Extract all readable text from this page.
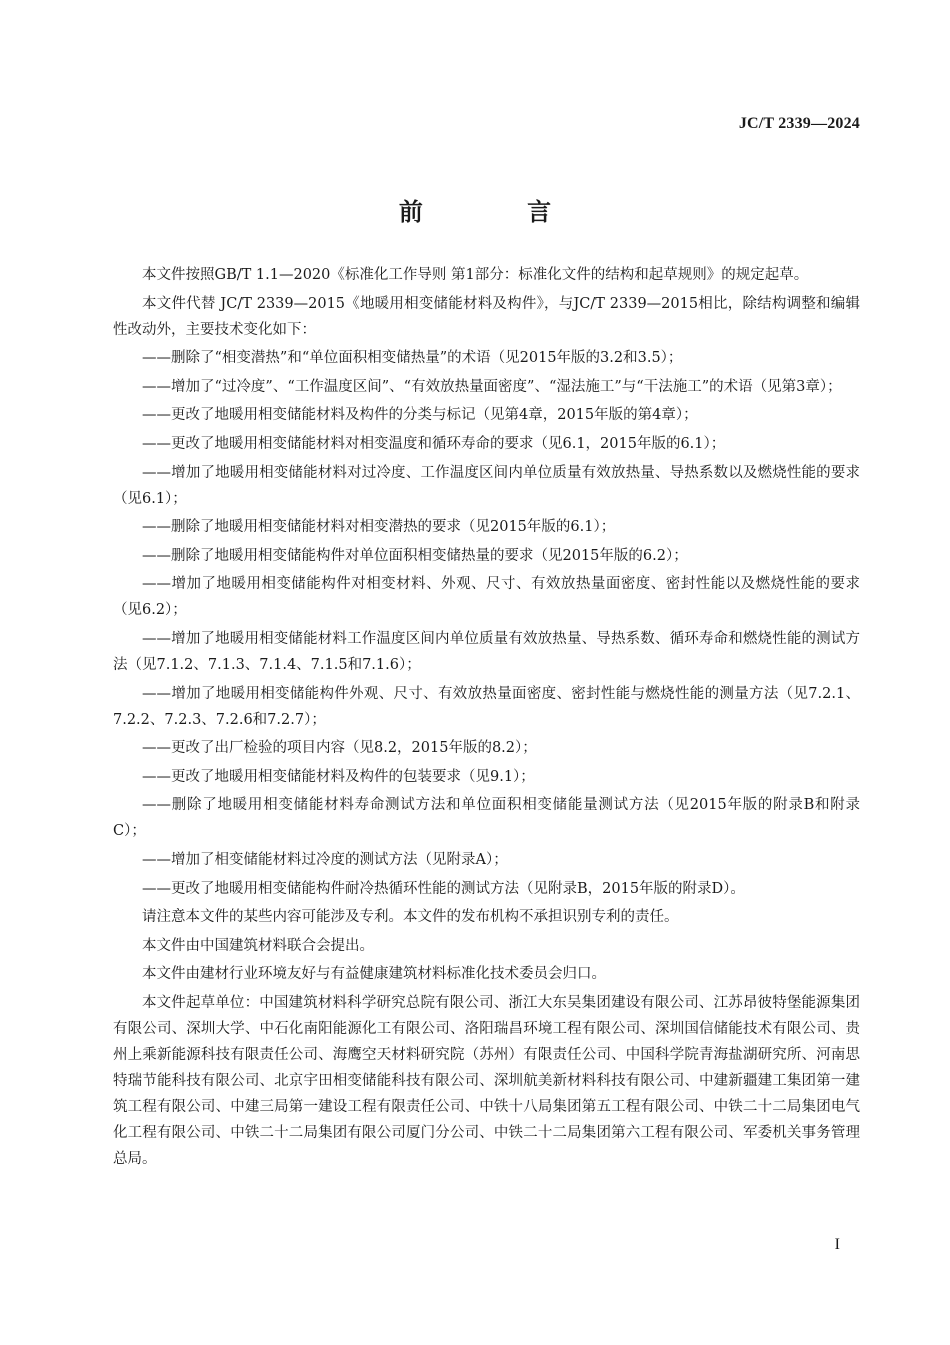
JC/T 2339—2024
前 言

本文件按照GB/T 1.1—2020《标准化工作导则 第1部分：标准化文件的结构和起草规则》的规定起草。

本文件代替 JC/T 2339—2015《地暖用相变储能材料及构件》，与JC/T 2339—2015相比，除结构调整和编辑性改动外，主要技术变化如下：

——删除了“相变潜热”和“单位面积相变储热量”的术语（见2015年版的3.2和3.5）；

——增加了“过冷度”、“工作温度区间”、“有效放热量面密度”、“湿法施工”与“干法施工”的术语（见第3章）；

——更改了地暖用相变储能材料及构件的分类与标记（见第4章，2015年版的第4章）；

——更改了地暖用相变储能材料对相变温度和循环寿命的要求（见6.1，2015年版的6.1）；

——增加了地暖用相变储能材料对过冷度、工作温度区间内单位质量有效放热量、导热系数以及燃烧性能的要求（见6.1）；

——删除了地暖用相变储能材料对相变潜热的要求（见2015年版的6.1）；

——删除了地暖用相变储能构件对单位面积相变储热量的要求（见2015年版的6.2）；

——增加了地暖用相变储能构件对相变材料、外观、尺寸、有效放热量面密度、密封性能以及燃烧性能的要求（见6.2）；

——增加了地暖用相变储能材料工作温度区间内单位质量有效放热量、导热系数、循环寿命和燃烧性能的测试方法（见7.1.2、7.1.3、7.1.4、7.1.5和7.1.6）；

——增加了地暖用相变储能构件外观、尺寸、有效放热量面密度、密封性能与燃烧性能的测量方法（见7.2.1、7.2.2、7.2.3、7.2.6和7.2.7）；

——更改了出厂检验的项目内容（见8.2，2015年版的8.2）；

——更改了地暖用相变储能材料及构件的包装要求（见9.1）；

——删除了地暖用相变储能材料寿命测试方法和单位面积相变储能量测试方法（见2015年版的附录B和附录C）；

——增加了相变储能材料过冷度的测试方法（见附录A）；

——更改了地暖用相变储能构件耐冷热循环性能的测试方法（见附录B，2015年版的附录D）。

请注意本文件的某些内容可能涉及专利。本文件的发布机构不承担识别专利的责任。

本文件由中国建筑材料联合会提出。

本文件由建材行业环境友好与有益健康建筑材料标准化技术委员会归口。

本文件起草单位：中国建筑材料科学研究总院有限公司、浙江大东吴集团建设有限公司、江苏昂彼特堡能源集团有限公司、深圳大学、中石化南阳能源化工有限公司、洛阳瑞昌环境工程有限公司、深圳国信储能技术有限公司、贵州上乘新能源科技有限责任公司、海鹰空天材料研究院（苏州）有限责任公司、中国科学院青海盐湖研究所、河南思特瑞节能科技有限公司、北京宇田相变储能科技有限公司、深圳航美新材料科技有限公司、中建新疆建工集团第一建筑工程有限公司、中建三局第一建设工程有限责任公司、中铁十八局集团第五工程有限公司、中铁二十二局集团电气化工程有限公司、中铁二十二局集团有限公司厦门分公司、中铁二十二局集团第六工程有限公司、军委机关事务管理总局。

I
